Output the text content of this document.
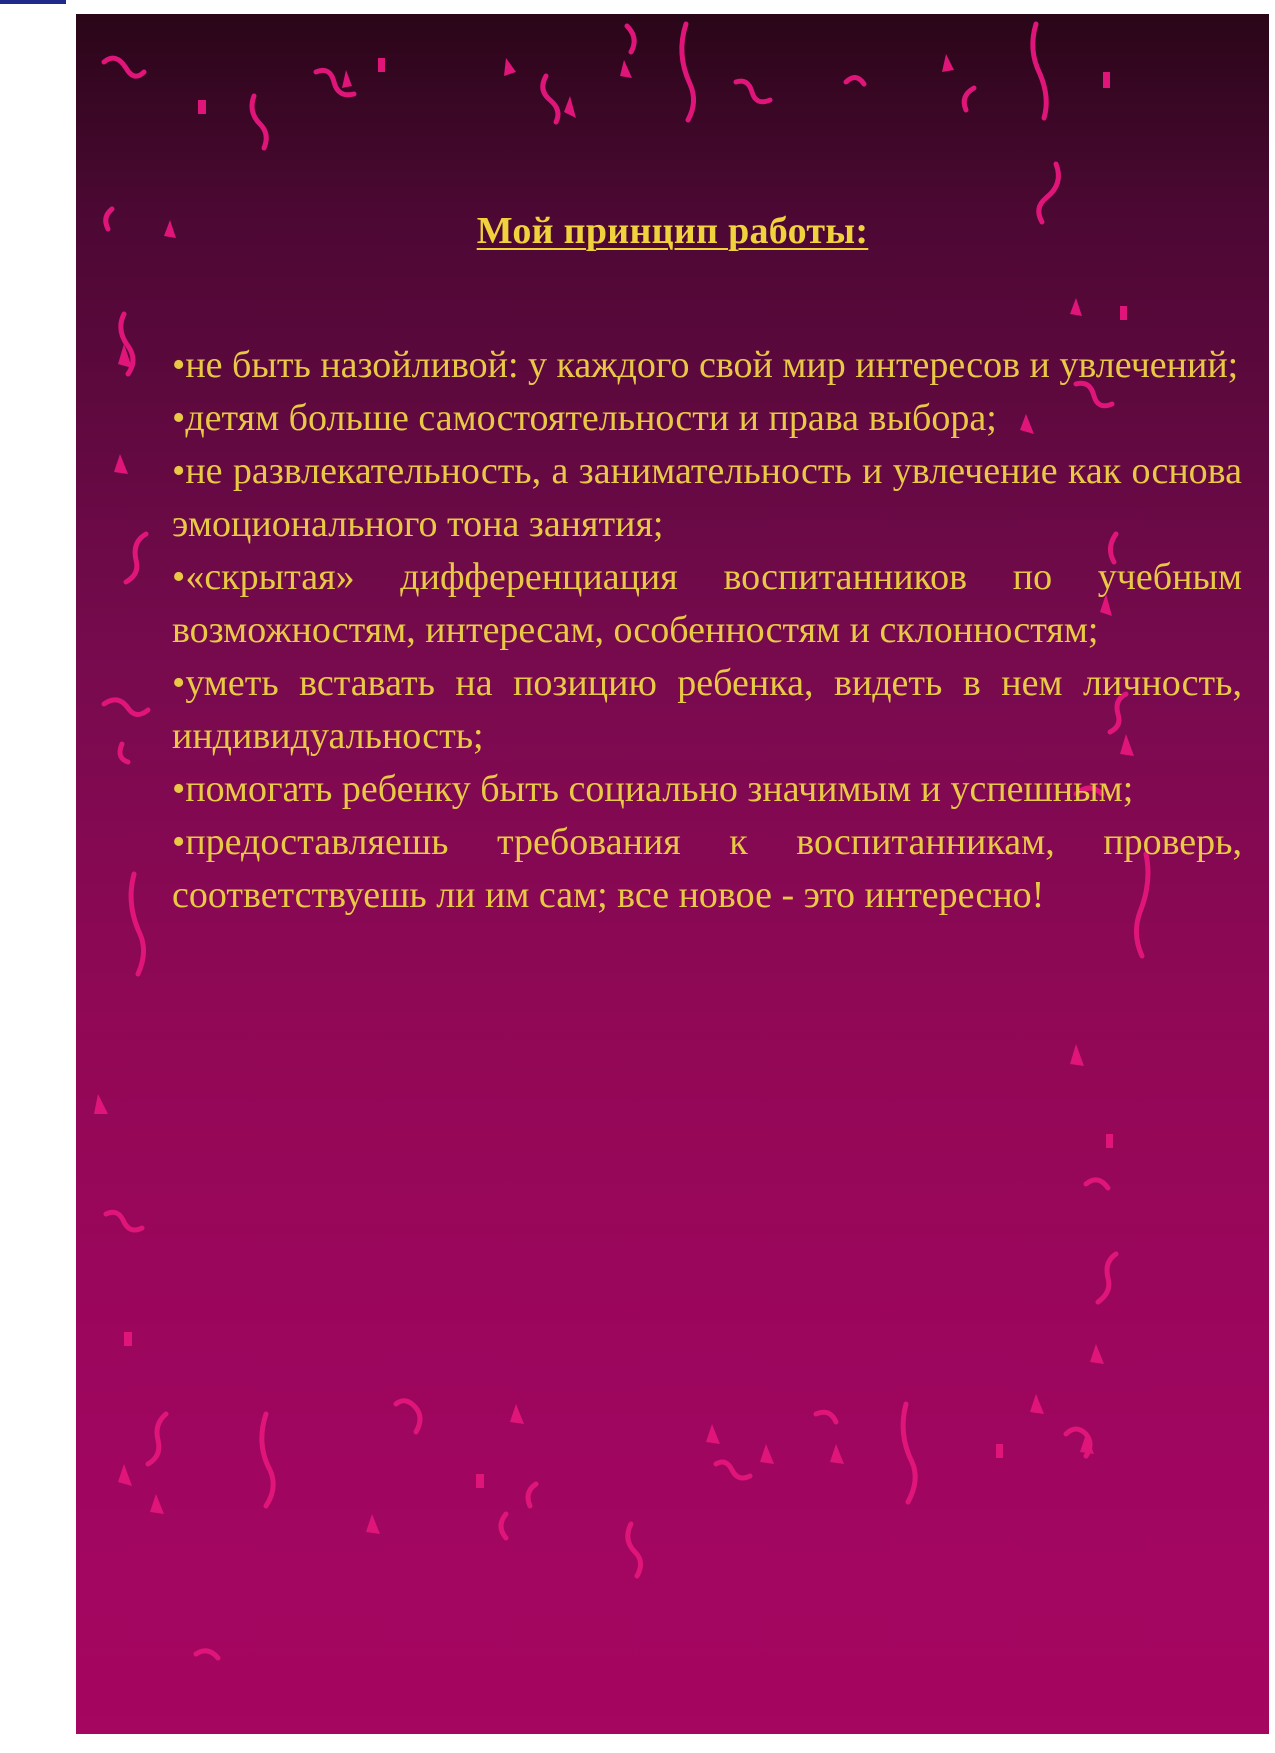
Мой принцип работы:
•не быть назойливой: у каждого свой мир интересов и увлечений;
•детям больше самостоятельности и права выбора;
•не развлекательность, а занимательность и увлечение как основа эмоционального тона занятия;
•«скрытая» дифференциация воспитанников по учебным возможностям, интересам, особенностям и склонностям;
•уметь вставать на позицию ребенка, видеть в нем личность, индивидуальность;
•помогать ребенку быть социально значимым и успешным;
•предоставляешь требования к воспитанникам, проверь, соответствуешь ли им сам; все новое - это интересно!
